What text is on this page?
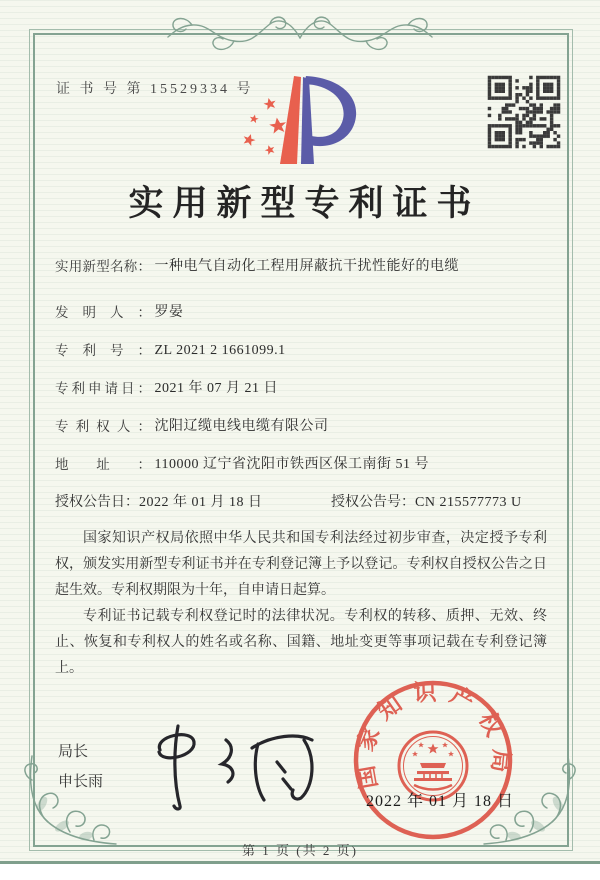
证 书 号 第 15529334 号
实用新型专利证书
实用新型名称： 一种电气自动化工程用屏蔽抗干扰性能好的电缆
发明人： 罗晏
专利号： ZL 2021 2 1661099.1
专利申请日： 2021 年 07 月 21 日
专利权人： 沈阳辽缆电线电缆有限公司
地址： 110000 辽宁省沈阳市铁西区保工南街 51 号
授权公告日：2022 年 01 月 18 日	授权公告号：CN 215577773 U

国家知识产权局依照中华人民共和国专利法经过初步审查，决定授予专利权，颁发实用新型专利证书并在专利登记簿上予以登记。专利权自授权公告之日起生效。专利权期限为十年，自申请日起算。

专利证书记载专利权登记时的法律状况。专利权的转移、质押、无效、终止、恢复和专利权人的姓名或名称、国籍、地址变更等事项记载在专利登记簿上。

局长
申长雨	国家知识产权局
2022 年 01 月 18 日
第 1 页 (共 2 页)
